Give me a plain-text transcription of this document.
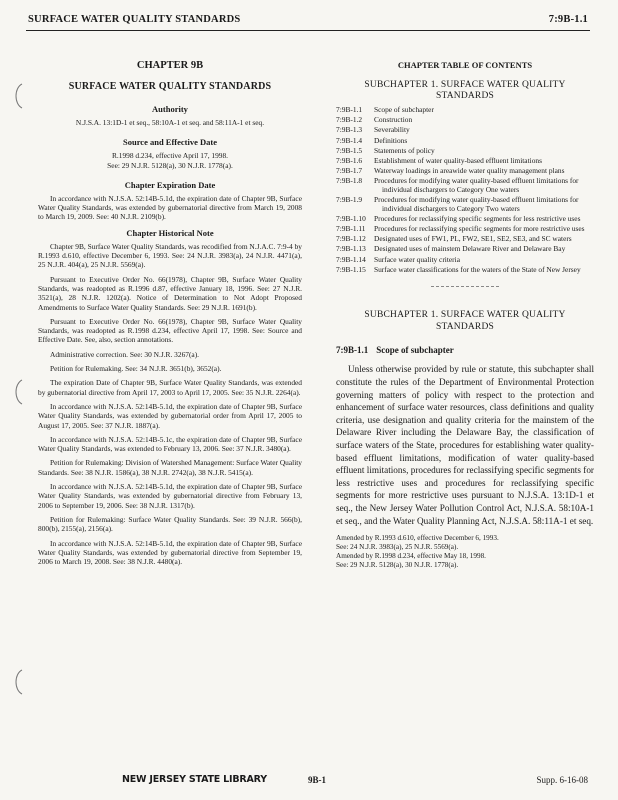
SURFACE WATER QUALITY STANDARDS	7:9B-1.1
CHAPTER 9B
SURFACE WATER QUALITY STANDARDS
Authority
N.J.S.A. 13:1D-1 et seq., 58:10A-1 et seq. and 58:11A-1 et seq.
Source and Effective Date
R.1998 d.234, effective April 17, 1998.
See: 29 N.J.R. 5128(a), 30 N.J.R. 1778(a).
Chapter Expiration Date
In accordance with N.J.S.A. 52:14B-5.1d, the expiration date of Chapter 9B, Surface Water Quality Standards, was extended by gubernatorial directive from March 19, 2008 to March 19, 2009. See: 40 N.J.R. 2109(b).
Chapter Historical Note
Chapter 9B, Surface Water Quality Standards, was recodified from N.J.A.C. 7:9-4 by R.1993 d.610, effective December 6, 1993. See: 24 N.J.R. 3983(a), 24 N.J.R. 4471(a), 25 N.J.R. 404(a), 25 N.J.R. 5569(a).
Pursuant to Executive Order No. 66(1978), Chapter 9B, Surface Water Quality Standards, was readopted as R.1996 d.87, effective January 18, 1996. See: 27 N.J.R. 3521(a), 28 N.J.R. 1202(a). Notice of Determination to Not Adopt Proposed Amendments to Surface Water Quality Standards. See: 29 N.J.R. 1691(b).
Pursuant to Executive Order No. 66(1978), Chapter 9B, Surface Water Quality Standards, was readopted as R.1998 d.234, effective April 17, 1998. See: Source and Effective Date. See, also, section annotations.
Administrative correction. See: 30 N.J.R. 3267(a).
Petition for Rulemaking. See: 34 N.J.R. 3651(b), 3652(a).
The expiration Date of Chapter 9B, Surface Water Quality Standards, was extended by gubernatorial directive from April 17, 2003 to April 17, 2005. See: 35 N.J.R. 2264(a).
In accordance with N.J.S.A. 52:14B-5.1d, the expiration date of Chapter 9B, Surface Water Quality Standards, was extended by gubernatorial order from April 17, 2005 to August 17, 2005. See: 37 N.J.R. 1887(a).
In accordance with N.J.S.A. 52:14B-5.1c, the expiration date of Chapter 9B, Surface Water Quality Standards, was extended to February 13, 2006. See: 37 N.J.R. 3480(a).
Petition for Rulemaking: Division of Watershed Management: Surface Water Quality Standards. See: 38 N.J.R. 1586(a), 38 N.J.R. 2742(a), 38 N.J.R. 5415(a).
In accordance with N.J.S.A. 52:14B-5.1d, the expiration date of Chapter 9B, Surface Water Quality Standards, was extended by gubernatorial directive from February 13, 2006 to September 19, 2006. See: 38 N.J.R. 1317(b).
Petition for Rulemaking: Surface Water Quality Standards. See: 39 N.J.R. 566(b), 800(b), 2155(a), 2156(a).
In accordance with N.J.S.A. 52:14B-5.1d, the expiration date of Chapter 9B, Surface Water Quality Standards, was extended by gubernatorial directive from September 19, 2006 to March 19, 2008. See: 38 N.J.R. 4480(a).
CHAPTER TABLE OF CONTENTS
SUBCHAPTER 1. SURFACE WATER QUALITY STANDARDS
7:9B-1.1	Scope of subchapter
7:9B-1.2	Construction
7:9B-1.3	Severability
7:9B-1.4	Definitions
7:9B-1.5	Statements of policy
7:9B-1.6	Establishment of water quality-based effluent limitations
7:9B-1.7	Waterway loadings in areawide water quality management plans
7:9B-1.8	Procedures for modifying water quality-based effluent limitations for individual dischargers to Category One waters
7:9B-1.9	Procedures for modifying water quality-based effluent limitations for individual dischargers to Category Two waters
7:9B-1.10	Procedures for reclassifying specific segments for less restrictive uses
7:9B-1.11	Procedures for reclassifying specific segments for more restrictive uses
7:9B-1.12	Designated uses of FW1, PL, FW2, SE1, SE2, SE3, and SC waters
7:9B-1.13	Designated uses of mainstem Delaware River and Delaware Bay
7:9B-1.14	Surface water quality criteria
7:9B-1.15	Surface water classifications for the waters of the State of New Jersey
SUBCHAPTER 1. SURFACE WATER QUALITY STANDARDS
7:9B-1.1 Scope of subchapter
Unless otherwise provided by rule or statute, this subchapter shall constitute the rules of the Department of Environmental Protection governing matters of policy with respect to the protection and enhancement of surface water resources, class definitions and quality criteria, use designation and quality criteria for the mainstem of the Delaware River including the Delaware Bay, the classification of surface waters of the State, procedures for establishing water quality-based effluent limitations, modification of water quality-based effluent limitations, procedures for reclassifying specific segments for less restrictive uses and procedures for reclassifying specific segments for more restrictive uses pursuant to N.J.S.A. 13:1D-1 et seq., the New Jersey Water Pollution Control Act, N.J.S.A. 58:10A-1 et seq., and the Water Quality Planning Act, N.J.S.A. 58:11A-1 et seq.
Amended by R.1993 d.610, effective December 6, 1993.
See: 24 N.J.R. 3983(a), 25 N.J.R. 5569(a).
Amended by R.1998 d.234, effective May 18, 1998.
See: 29 N.J.R. 5128(a), 30 N.J.R. 1778(a).
NEW JERSEY STATE LIBRARY	9B-1	Supp. 6-16-08
